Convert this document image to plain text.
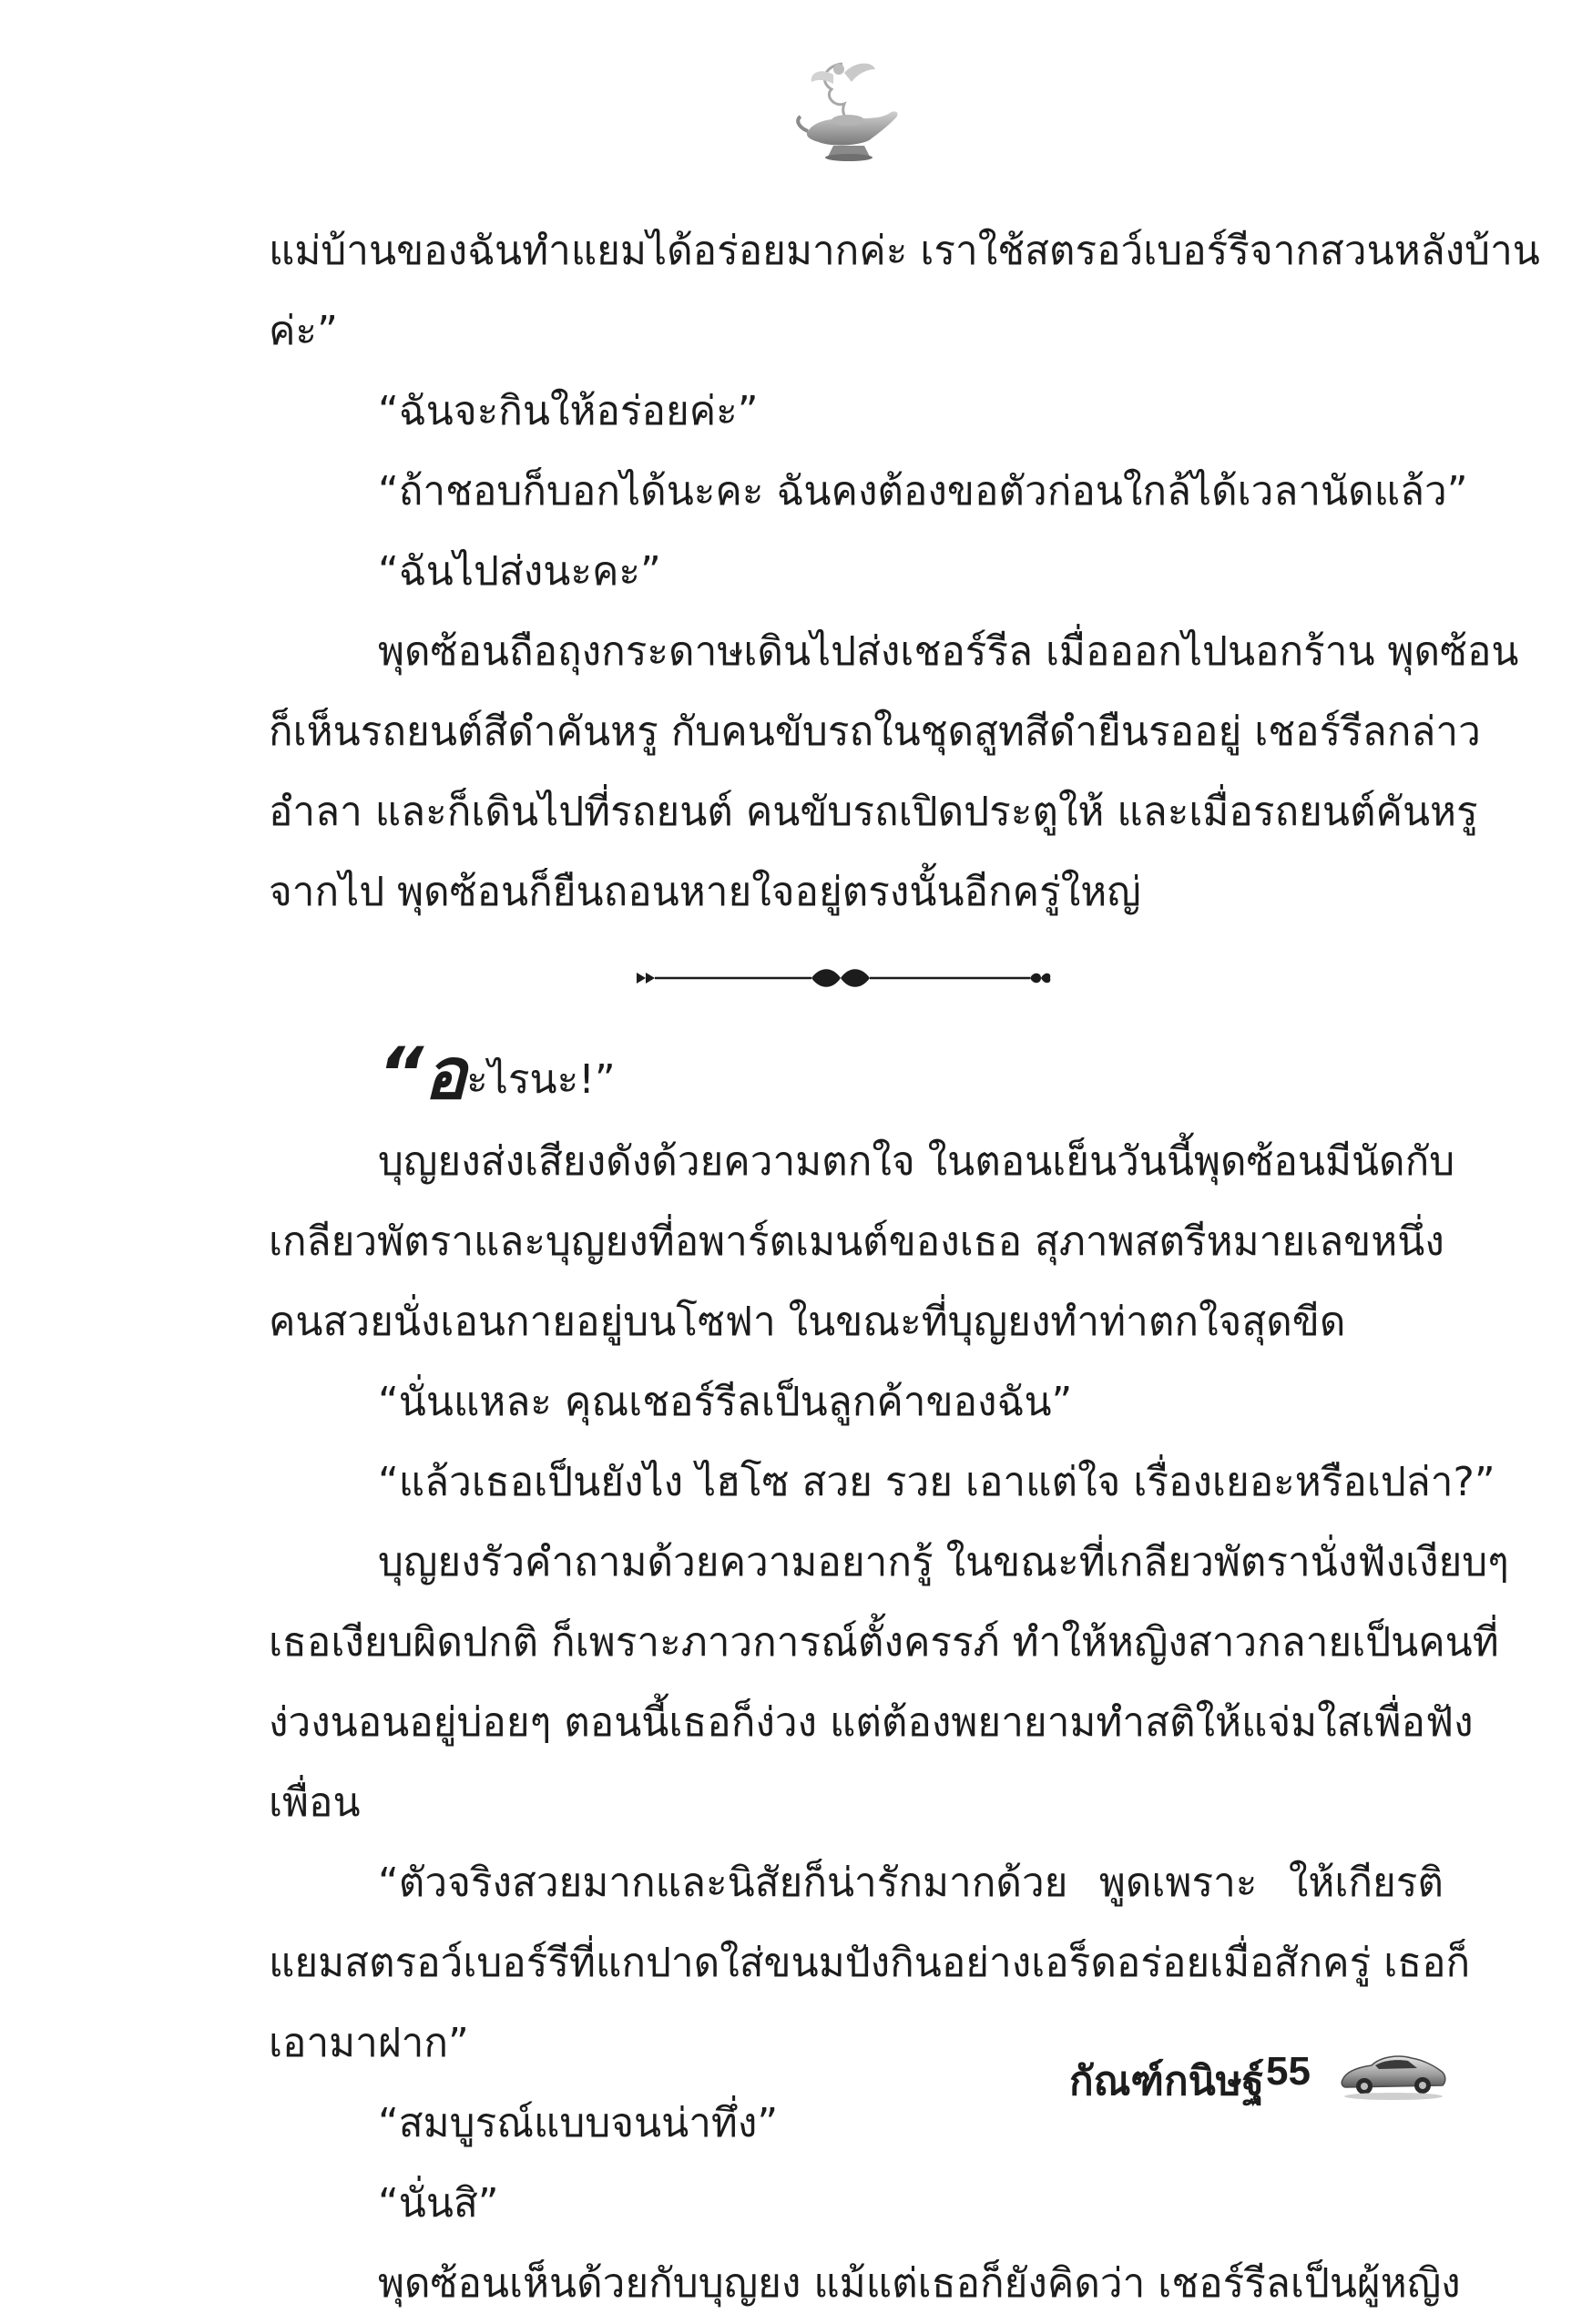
แม่บ้านของฉันทำแยมได้อร่อยมากค่ะ เราใช้สตรอว์เบอร์รีจากสวนหลังบ้าน
ค่ะ”
“ฉันจะกินให้อร่อยค่ะ”
“ถ้าชอบก็บอกได้นะคะ ฉันคงต้องขอตัวก่อนใกล้ได้เวลานัดแล้ว”
“ฉันไปส่งนะคะ”
พุดซ้อนถือถุงกระดาษเดินไปส่งเชอร์รีล เมื่อออกไปนอกร้าน พุดซ้อน
ก็เห็นรถยนต์สีดำคันหรู กับคนขับรถในชุดสูทสีดำยืนรออยู่ เชอร์รีลกล่าว
อำลา และก็เดินไปที่รถยนต์ คนขับรถเปิดประตูให้ และเมื่อรถยนต์คันหรู
จากไป พุดซ้อนก็ยืนถอนหายใจอยู่ตรงนั้นอีกครู่ใหญ่
“อะไรนะ!”
บุญยงส่งเสียงดังด้วยความตกใจ ในตอนเย็นวันนี้พุดซ้อนมีนัดกับ
เกลียวพัตราและบุญยงที่อพาร์ตเมนต์ของเธอ สุภาพสตรีหมายเลขหนึ่ง
คนสวยนั่งเอนกายอยู่บนโซฟา ในขณะที่บุญยงทำท่าตกใจสุดขีด
“นั่นแหละ คุณเชอร์รีลเป็นลูกค้าของฉัน”
“แล้วเธอเป็นยังไง ไฮโซ สวย รวย เอาแต่ใจ เรื่องเยอะหรือเปล่า?”
บุญยงรัวคำถามด้วยความอยากรู้ ในขณะที่เกลียวพัตรานั่งฟังเงียบๆ
เธอเงียบผิดปกติ ก็เพราะภาวการณ์ตั้งครรภ์ ทำให้หญิงสาวกลายเป็นคนที่
ง่วงนอนอยู่บ่อยๆ ตอนนี้เธอก็ง่วง แต่ต้องพยายามทำสติให้แจ่มใสเพื่อฟัง
เพื่อน
“ตัวจริงสวยมากและนิสัยก็น่ารักมากด้วย พูดเพราะ ให้เกียรติ
แยมสตรอว์เบอร์รีที่แกปาดใส่ขนมปังกินอย่างเอร็ดอร่อยเมื่อสักครู่ เธอก็
เอามาฝาก”
“สมบูรณ์แบบจนน่าทึ่ง”
“นั่นสิ”
พุดซ้อนเห็นด้วยกับบุญยง แม้แต่เธอก็ยังคิดว่า เชอร์รีลเป็นผู้หญิง
กัณฑ์กนิษฐ์ 55
